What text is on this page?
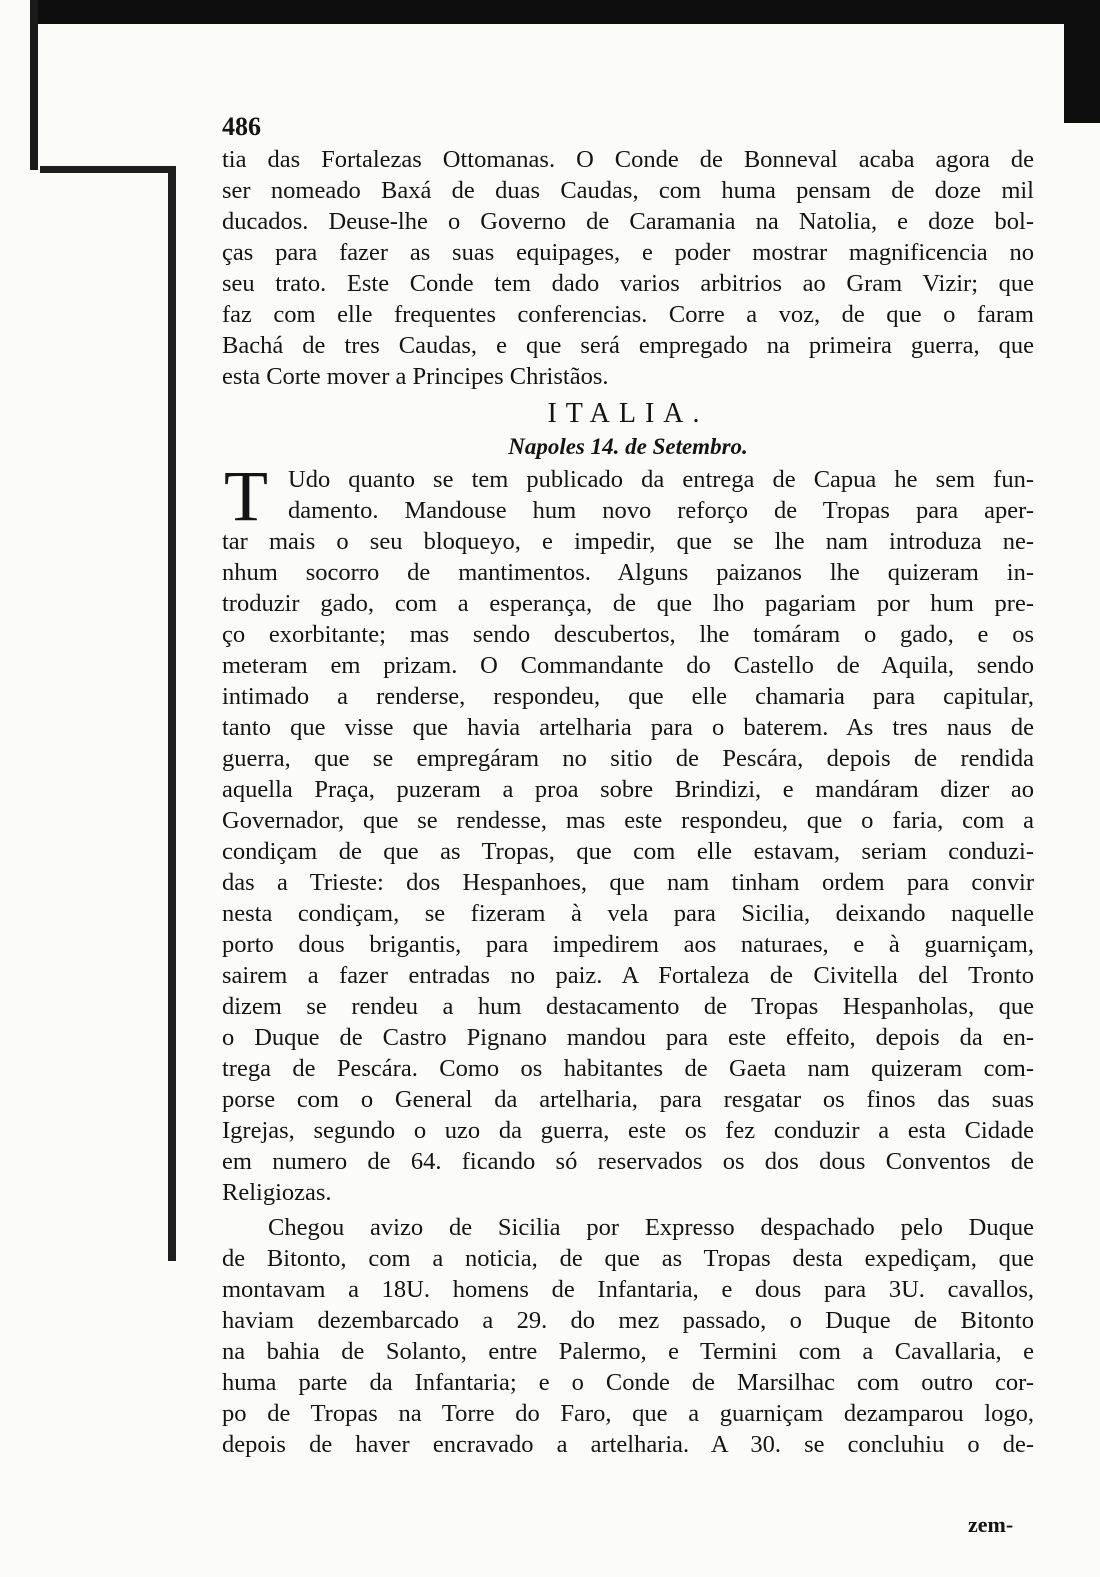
486
tia das Fortalezas Ottomanas. O Conde de Bonneval acaba agora de
ser nomeado Baxá de duas Caudas, com huma pensam de doze mil
ducados. Deuse-lhe o Governo de Caramania na Natolia, e doze bol-
ças para fazer as suas equipages, e poder mostrar magnificencia no
seu trato. Este Conde tem dado varios arbitrios ao Gram Vizir; que
faz com elle frequentes conferencias. Corre a voz, de que o faram
Bachá de tres Caudas, e que será empregado na primeira guerra, que
esta Corte mover a Principes Christãos.
ITALIA.
Napoles 14. de Setembro.
T Udo quanto se tem publicado da entrega de Capua he sem fun-
damento. Mandouse hum novo reforço de Tropas para aper-
tar mais o seu bloqueyo, e impedir, que se lhe nam introduza ne-
nhum socorro de mantimentos. Alguns paizanos lhe quizeram in-
troduzir gado, com a esperança, de que lho pagariam por hum pre-
ço exorbitante; mas sendo descubertos, lhe tomáram o gado, e os
meteram em prizam. O Commandante do Castello de Aquila, sendo
intimado a renderse, respondeu, que elle chamaria para capitular,
tanto que visse que havia artelharia para o baterem. As tres naus de
guerra, que se empregáram no sitio de Pescára, depois de rendida
aquella Praça, puzeram a proa sobre Brindizi, e mandáram dizer ao
Governador, que se rendesse, mas este respondeu, que o faria, com a
condiçam de que as Tropas, que com elle estavam, seriam conduzi-
das a Trieste: dos Hespanhoes, que nam tinham ordem para convir
nesta condiçam, se fizeram à vela para Sicilia, deixando naquelle
porto dous brigantis, para impedirem aos naturaes, e à guarniçam,
sairem a fazer entradas no paiz. A Fortaleza de Civitella del Tronto
dizem se rendeu a hum destacamento de Tropas Hespanholas, que
o Duque de Castro Pignano mandou para este effeito, depois da en-
trega de Pescára. Como os habitantes de Gaeta nam quizeram com-
porse com o General da artelharia, para resgatar os finos das suas
Igrejas, segundo o uzo da guerra, este os fez conduzir a esta Cidade
em numero de 64. ficando só reservados os dos dous Conventos de
Religiozas.
Chegou avizo de Sicilia por Expresso despachado pelo Duque
de Bitonto, com a noticia, de que as Tropas desta expediçam, que
montavam a 18U. homens de Infantaria, e dous para 3U. cavallos,
haviam dezembarcado a 29. do mez passado, o Duque de Bitonto
na bahia de Solanto, entre Palermo, e Termini com a Cavallaria, e
huma parte da Infantaria; e o Conde de Marsilhac com outro cor-
po de Tropas na Torre do Faro, que a guarniçam dezamparou logo,
depois de haver encravado a artelharia. A 30. se concluhiu o de-
zem-
